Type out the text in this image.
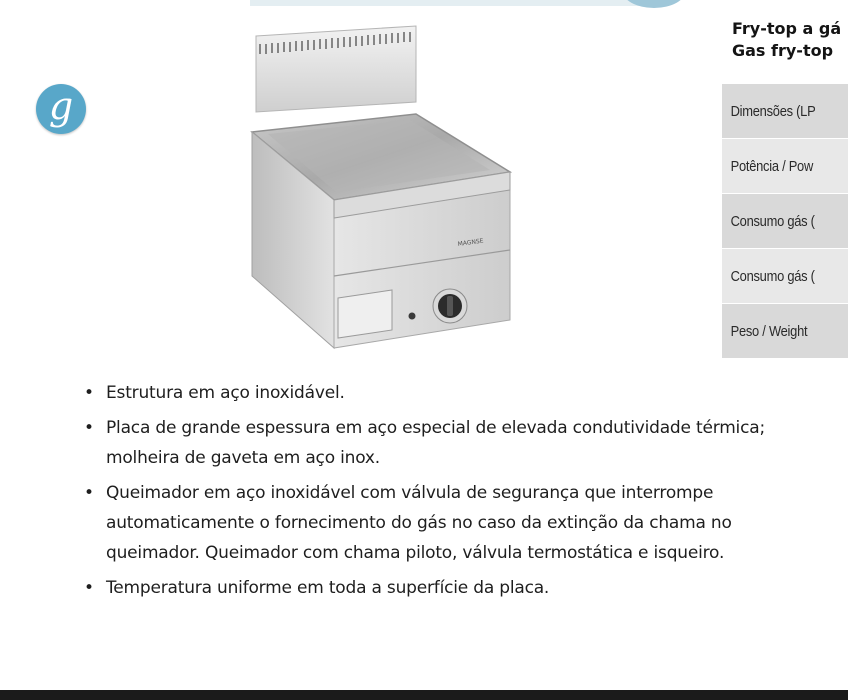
g
MAGNSE
Fry-top a gá
Gas fry-top
Dimensões (LP
Potência / Pow
Consumo gás (
Consumo gás (
Peso / Weight
• Estrutura em aço inoxidável.
• Placa de grande espessura em aço especial de elevada condutividade térmica; molheira de gaveta em aço inox.
• Queimador em aço inoxidável com válvula de segurança que interrompe automaticamente o fornecimento do gás no caso da extinção da chama no queimador. Queimador com chama piloto, válvula termostática e isqueiro.
• Temperatura uniforme em toda a superfície da placa.
